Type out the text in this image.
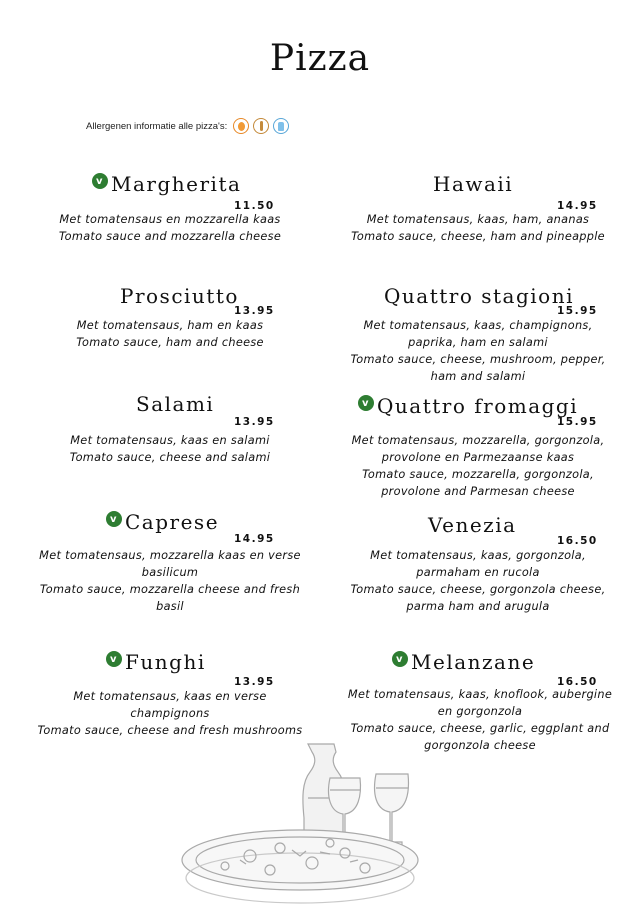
Pizza
Allergenen informatie alle pizza's:
v Margherita
11.50
Met tomatensaus en mozzarella kaas
Tomato sauce and mozzarella cheese
Prosciutto
13.95
Met tomatensaus, ham en kaas
Tomato sauce, ham and cheese
Salami
13.95
Met tomatensaus, kaas en salami
Tomato sauce, cheese and salami
v Caprese
14.95
Met tomatensaus, mozzarella kaas en verse
basilicum
Tomato sauce, mozzarella cheese and fresh
basil
v Funghi
13.95
Met tomatensaus, kaas en verse
champignons
Tomato sauce, cheese and fresh mushrooms
Hawaii
14.95
Met tomatensaus, kaas, ham, ananas
Tomato sauce, cheese, ham and pineapple
Quattro stagioni
15.95
Met tomatensaus, kaas, champignons,
paprika, ham en salami
Tomato sauce, cheese, mushroom, pepper,
ham and salami
v Quattro fromaggi
15.95
Met tomatensaus, mozzarella, gorgonzola,
provolone en Parmezaanse kaas
Tomato sauce, mozzarella, gorgonzola,
provolone and Parmesan cheese
Venezia
16.50
Met tomatensaus, kaas, gorgonzola,
parmaham en rucola
Tomato sauce, cheese, gorgonzola cheese,
parma ham and arugula
v Melanzane
16.50
Met tomatensaus, kaas, knoflook, aubergine
en gorgonzola
Tomato sauce, cheese, garlic, eggplant and
gorgonzola cheese
